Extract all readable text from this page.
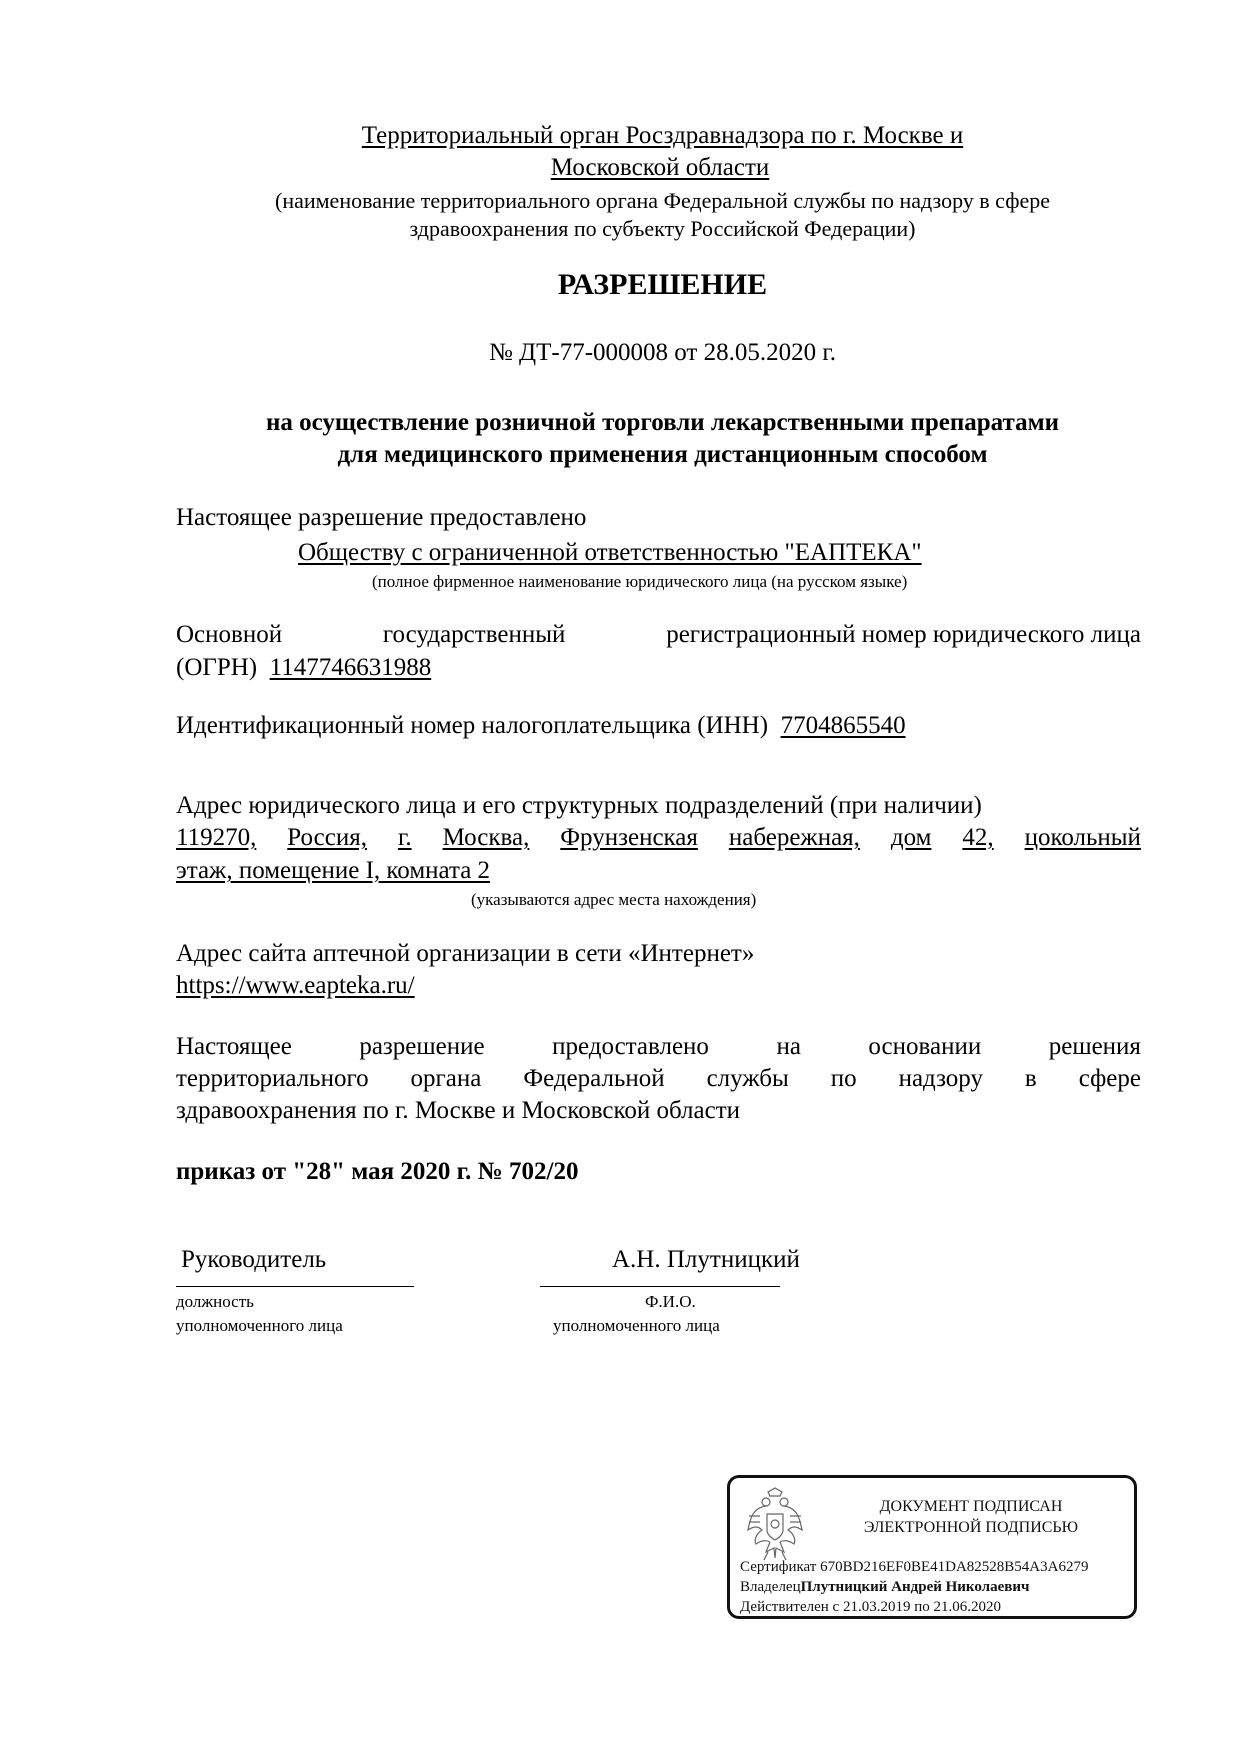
Территориальный орган Росздравнадзора по г. Москве и
Московской области
(наименование территориального органа Федеральной службы по надзору в сфере
здравоохранения по субъекту Российской Федерации)
РАЗРЕШЕНИЕ
№ ДТ-77-000008 от 28.05.2020 г.
на осуществление розничной торговли лекарственными препаратами
для медицинского применения дистанционным способом
Настоящее разрешение предоставлено
Обществу с ограниченной ответственностью "ЕАПТЕКА"
(полное фирменное наименование юридического лица (на русском языке)
Основной	государственный	регистрационный номер юридического лица
(ОГРН) 1147746631988
Идентификационный номер налогоплательщика (ИНН) 7704865540
Адрес юридического лица и его структурных подразделений (при наличии)
119270, Россия, г. Москва, Фрунзенская набережная, дом 42, цокольный
этаж, помещение I, комната 2
(указываются адрес места нахождения)
Адрес сайта аптечной организации в сети «Интернет»
https://www.eapteka.ru/
Настоящее	разрешение	предоставлено	на	основании	решения
территориального органа Федеральной службы по надзору в сфере
здравоохранения по г. Москве и Московской области
приказ от "28" мая 2020 г. № 702/20
Руководитель	А.Н. Плутницкий
должность
уполномоченного лица
Ф.И.О.
уполномоченного лица
ДОКУМЕНТ ПОДПИСАН
ЭЛЕКТРОННОЙ ПОДПИСЬЮ
Сертификат 670BD216EF0BE41DA82528B54A3A6279
ВладелецПлутницкий Андрей Николаевич
Действителен с 21.03.2019 по 21.06.2020
